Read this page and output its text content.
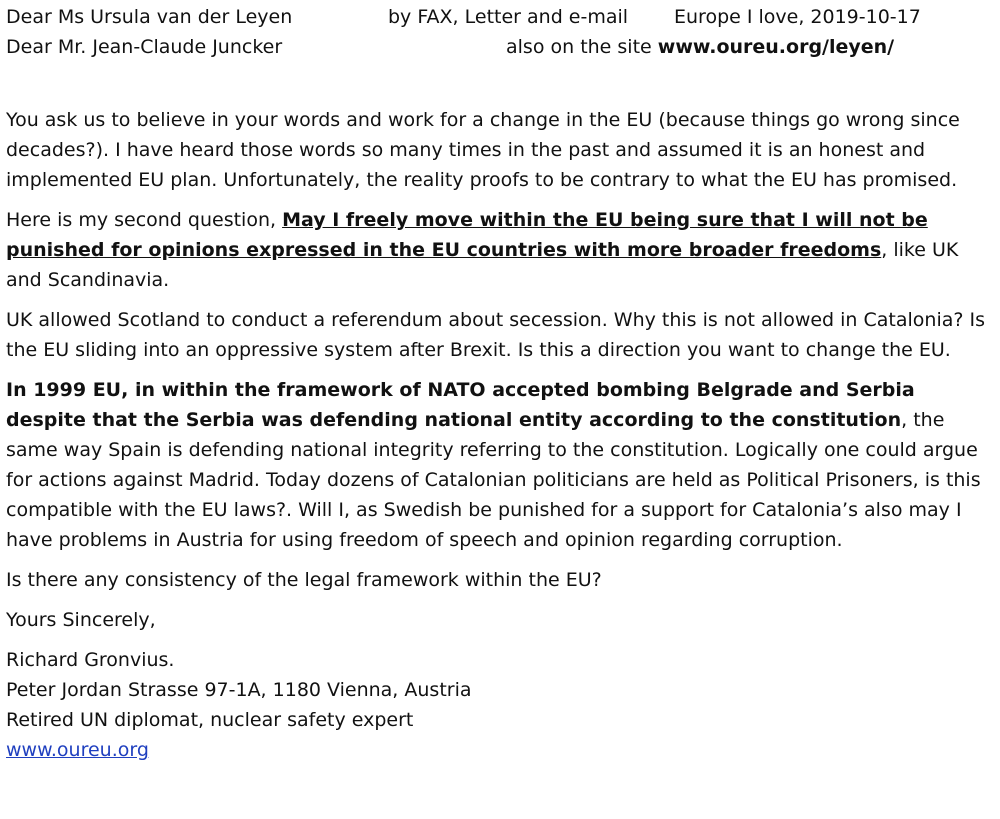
Dear Ms Ursula van der Leyen	by FAX, Letter and e-mail Europe I love, 2019-10-17
Dear Mr. Jean-Claude Juncker	also on the site www.oureu.org/leyen/

You ask us to believe in your words and work for a change in the EU (because things go wrong since decades?). I have heard those words so many times in the past and assumed it is an honest and implemented EU plan. Unfortunately, the reality proofs to be contrary to what the EU has promised.

Here is my second question, May I freely move within the EU being sure that I will not be punished for opinions expressed in the EU countries with more broader freedoms, like UK and Scandinavia.

UK allowed Scotland to conduct a referendum about secession. Why this is not allowed in Catalonia? Is the EU sliding into an oppressive system after Brexit. Is this a direction you want to change the EU.

In 1999 EU, in within the framework of NATO accepted bombing Belgrade and Serbia despite that the Serbia was defending national entity according to the constitution, the same way Spain is defending national integrity referring to the constitution. Logically one could argue for actions against Madrid. Today dozens of Catalonian politicians are held as Political Prisoners, is this compatible with the EU laws?. Will I, as Swedish be punished for a support for Catalonia’s also may I have problems in Austria for using freedom of speech and opinion regarding corruption.

Is there any consistency of the legal framework within the EU?

Yours Sincerely,

Richard Gronvius.

Peter Jordan Strasse 97-1A, 1180 Vienna, Austria

Retired UN diplomat, nuclear safety expert

www.oureu.org
